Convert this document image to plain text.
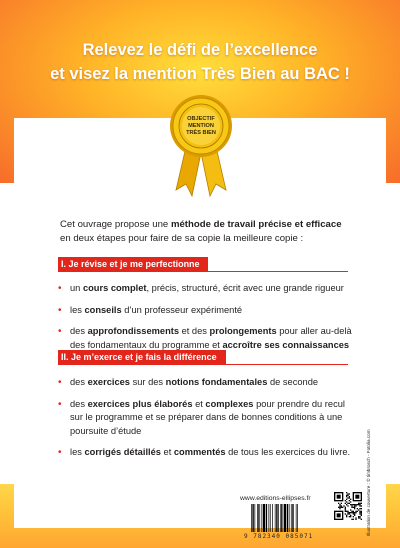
Relevez le défi de l’excellence
et visez la mention Très Bien au BAC !
OBJECTIF
MENTION
TRÈS BIEN
Cet ouvrage propose une méthode de travail précise et efficace en deux étapes pour faire de sa copie la meilleure copie :
I. Je révise et je me perfectionne
• un cours complet, précis, structuré, écrit avec une grande rigueur
• les conseils d’un professeur expérimenté
• des approfondissements et des prolongements pour aller au-delà des fondamentaux du programme et accroître ses connaissances
II. Je m’exerce et je fais la différence
• des exercices sur des notions fondamentales de seconde
• des exercices plus élaborés et complexes pour prendre du recul sur le programme et se préparer dans de bonnes conditions à une poursuite d’étude
• les corrigés détaillés et commentés de tous les exercices du livre.
www.editions-ellipses.fr
9 782340 085071
Illustration de couverture : © timbrosch - Fotolia.com
